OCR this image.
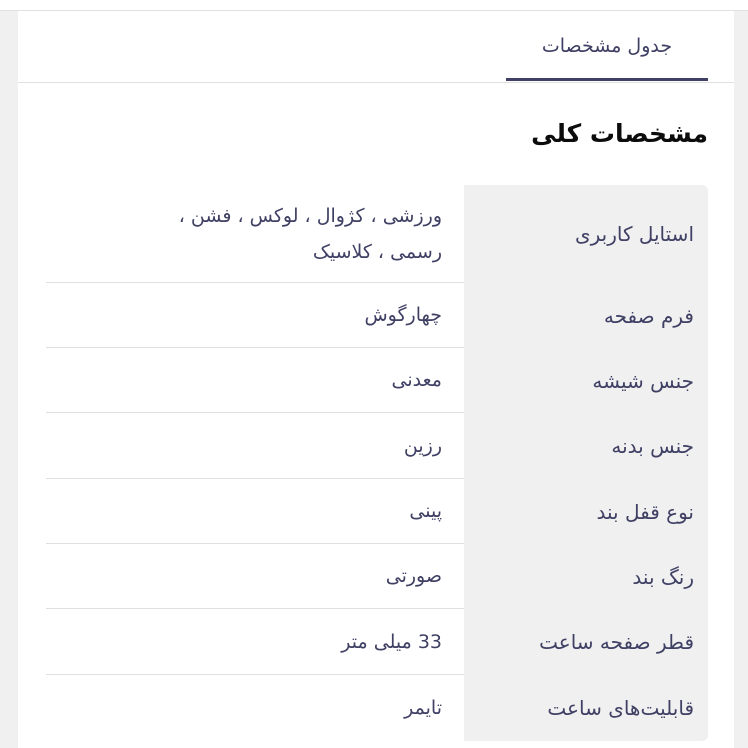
جدول مشخصات
مشخصات کلی
استایل کاربری
ورزشی ، کژوال ، لوکس ، فشن ، رسمی ، کلاسیک
فرم صفحه
چهارگوش
جنس شیشه
معدنی
جنس بدنه
رزین
نوع قفل بند
پینی
رنگ بند
صورتی
قطر صفحه ساعت
33 میلی متر
قابلیت‌های ساعت
تایمر
